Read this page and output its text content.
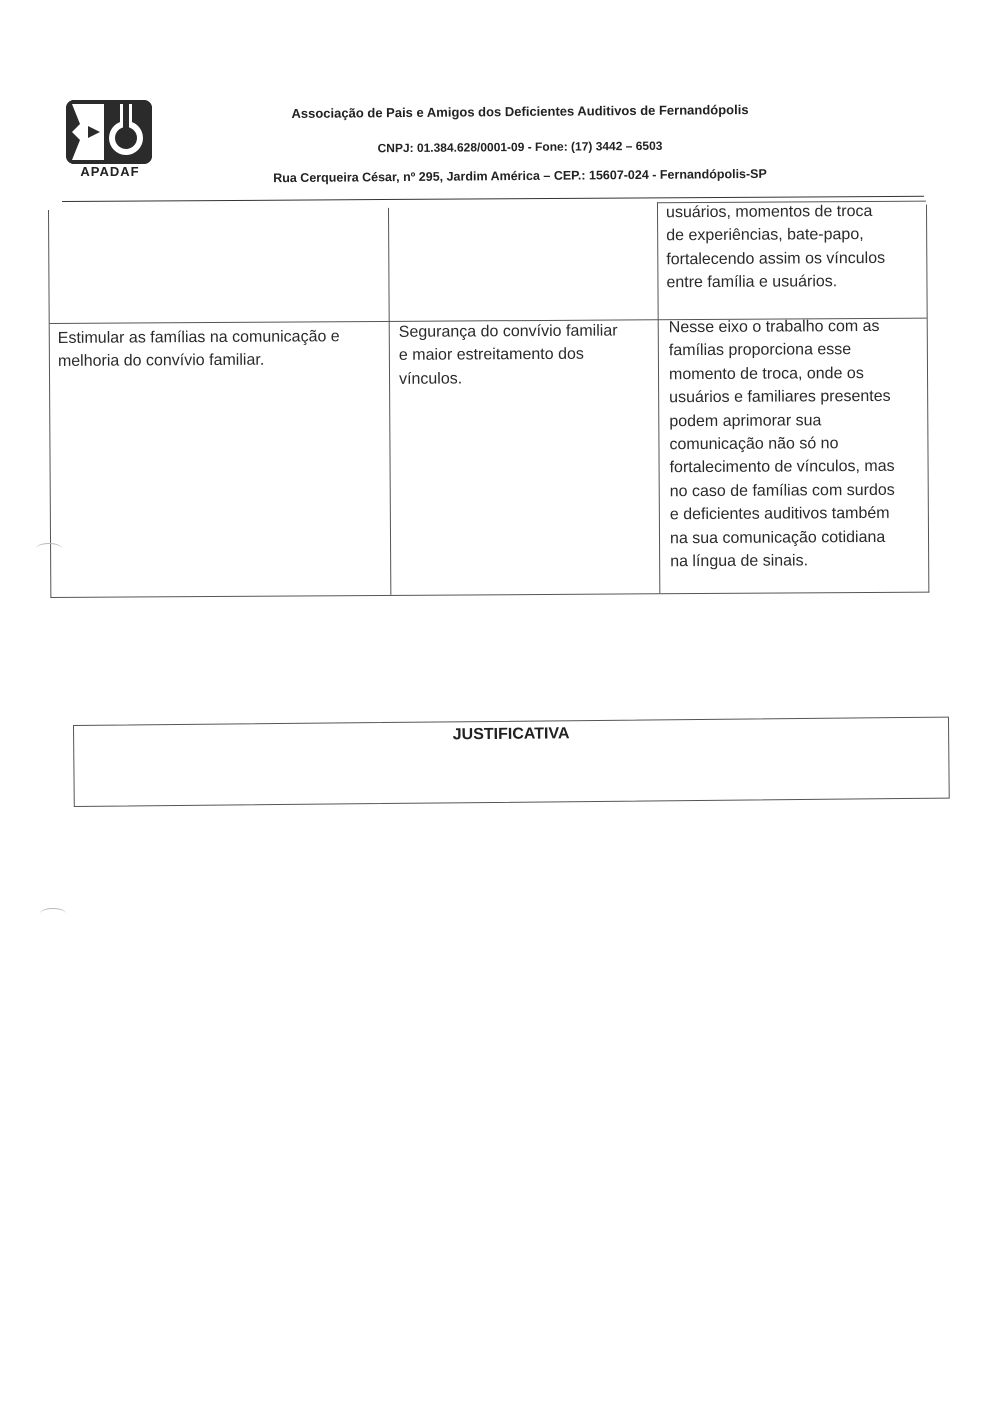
APADAF
Associação de Pais e Amigos dos Deficientes Auditivos de Fernandópolis
CNPJ: 01.384.628/0001-09 - Fone: (17) 3442 – 6503
Rua Cerqueira César, nº 295, Jardim América – CEP.: 15607-024 - Fernandópolis-SP
usuários, momentos de troca
de experiências, bate-papo,
fortalecendo assim os vínculos
entre família e usuários.
Estimular as famílias na comunicação e
melhoria do convívio familiar.
Segurança do convívio familiar
e maior estreitamento dos
vínculos.
Nesse eixo o trabalho com as
famílias proporciona esse
momento de troca, onde os
usuários e familiares presentes
podem aprimorar sua
comunicação não só no
fortalecimento de vínculos, mas
no caso de famílias com surdos
e deficientes auditivos também
na sua comunicação cotidiana
na língua de sinais.
JUSTIFICATIVA
